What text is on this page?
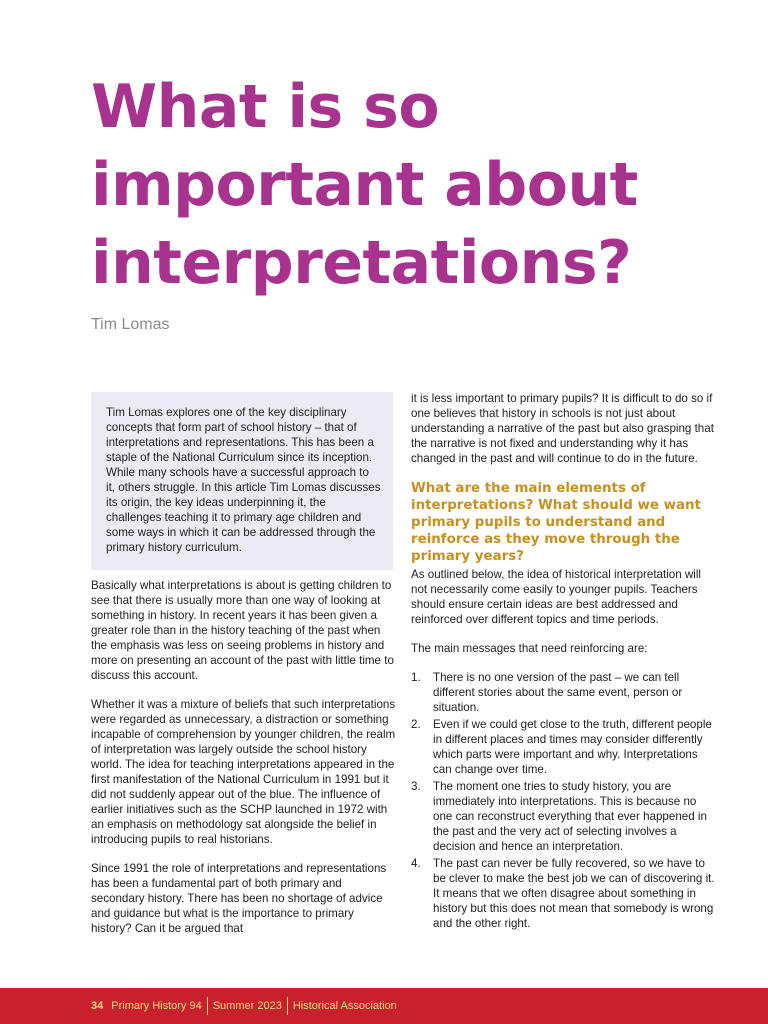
What is so important about interpretations?

Tim Lomas

Tim Lomas explores one of the key disciplinary concepts that form part of school history – that of interpretations and representations. This has been a staple of the National Curriculum since its inception. While many schools have a successful approach to it, others struggle. In this article Tim Lomas discusses its origin, the key ideas underpinning it, the challenges teaching it to primary age children and some ways in which it can be addressed through the primary history curriculum.

Basically what interpretations is about is getting children to see that there is usually more than one way of looking at something in history. In recent years it has been given a greater role than in the history teaching of the past when the emphasis was less on seeing problems in history and more on presenting an account of the past with little time to discuss this account.

Whether it was a mixture of beliefs that such interpretations were regarded as unnecessary, a distraction or something incapable of comprehension by younger children, the realm of interpretation was largely outside the school history world. The idea for teaching interpretations appeared in the first manifestation of the National Curriculum in 1991 but it did not suddenly appear out of the blue. The influence of earlier initiatives such as the SCHP launched in 1972 with an emphasis on methodology sat alongside the belief in introducing pupils to real historians.

Since 1991 the role of interpretations and representations has been a fundamental part of both primary and secondary history. There has been no shortage of advice and guidance but what is the importance to primary history? Can it be argued that

it is less important to primary pupils? It is difficult to do so if one believes that history in schools is not just about understanding a narrative of the past but also grasping that the narrative is not fixed and understanding why it has changed in the past and will continue to do in the future.

What are the main elements of interpretations? What should we want primary pupils to understand and reinforce as they move through the primary years?

As outlined below, the idea of historical interpretation will not necessarily come easily to younger pupils. Teachers should ensure certain ideas are best addressed and reinforced over different topics and time periods.

The main messages that need reinforcing are:

1. There is no one version of the past – we can tell different stories about the same event, person or situation.
2. Even if we could get close to the truth, different people in different places and times may consider differently which parts were important and why. Interpretations can change over time.
3. The moment one tries to study history, you are immediately into interpretations. This is because no one can reconstruct everything that ever happened in the past and the very act of selecting involves a decision and hence an interpretation.
4. The past can never be fully recovered, so we have to be clever to make the best job we can of discovering it. It means that we often disagree about something in history but this does not mean that somebody is wrong and the other right.
34 Primary History 94 Summer 2023 Historical Association
